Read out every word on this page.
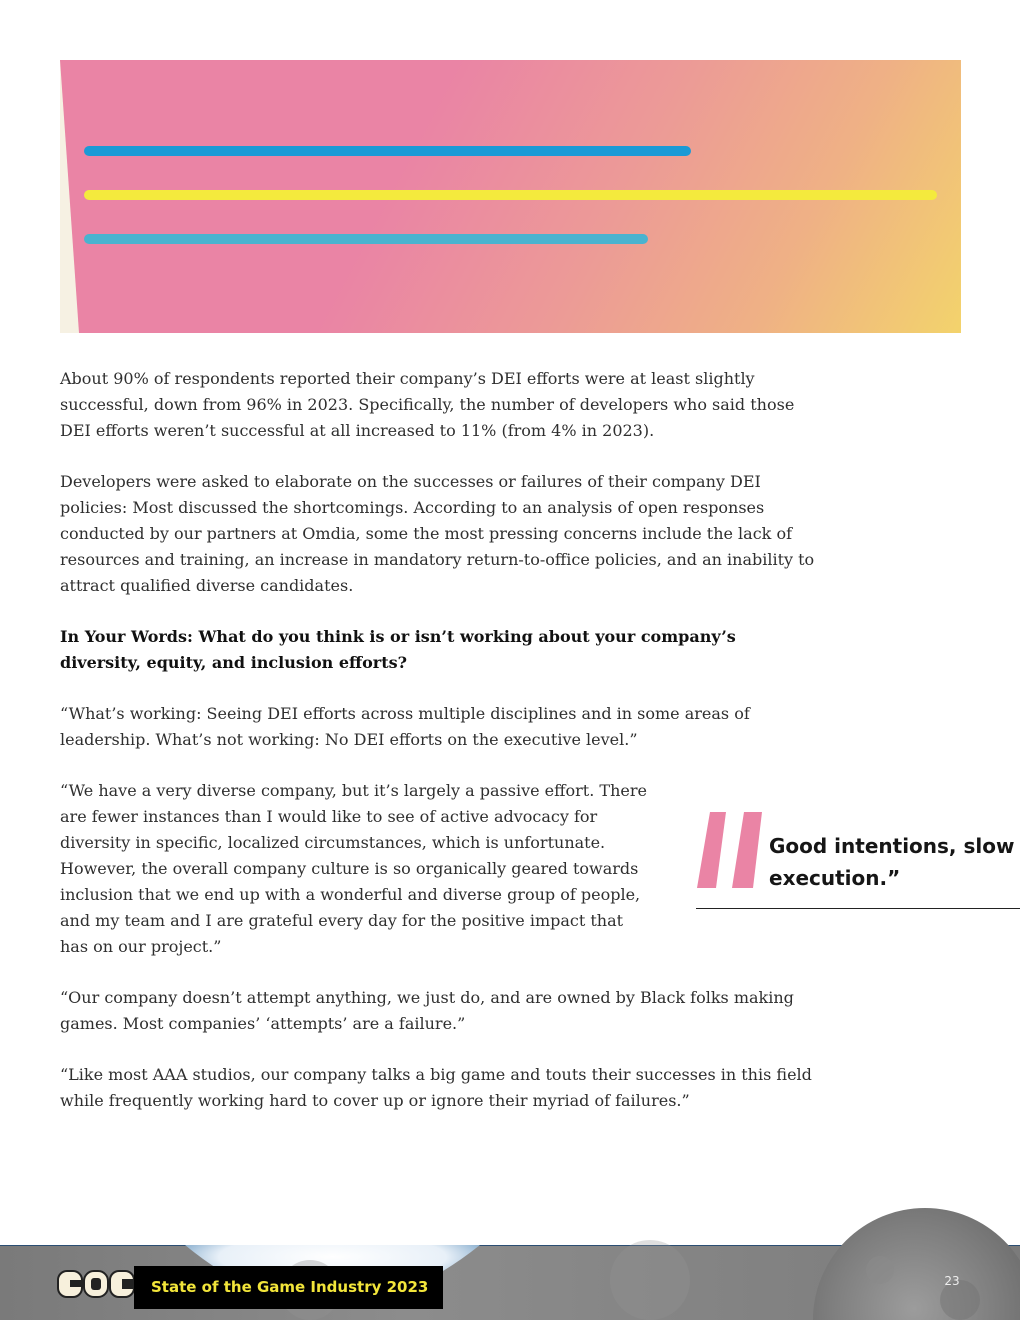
About 90% of respondents reported their company’s DEI efforts were at least slightly successful, down from 96% in 2023. Specifically, the number of developers who said those DEI efforts weren’t successful at all increased to 11% (from 4% in 2023).

Developers were asked to elaborate on the successes or failures of their company DEI policies: Most discussed the shortcomings. According to an analysis of open responses conducted by our partners at Omdia, some the most pressing concerns include the lack of resources and training, an increase in mandatory return-to-office policies, and an inability to attract qualified diverse candidates.

In Your Words: What do you think is or isn’t working about your company’s diversity, equity, and inclusion efforts?

“What’s working: Seeing DEI efforts across multiple disciplines and in some areas of leadership. What’s not working: No DEI efforts on the executive level.”

“We have a very diverse company, but it’s largely a passive effort. There are fewer instances than I would like to see of active advocacy for diversity in specific, localized circumstances, which is unfortunate. However, the overall company culture is so organically geared towards inclusion that we end up with a wonderful and diverse group of people, and my team and I are grateful every day for the positive impact that has on our project.”

“Our company doesn’t attempt anything, we just do, and are owned by Black folks making games. Most companies’ ‘attempts’ are a failure.”

“Like most AAA studios, our company talks a big game and touts their successes in this field while frequently working hard to cover up or ignore their myriad of failures.”

Good intentions, slow execution.”
State of the Game Industry 2023	23
